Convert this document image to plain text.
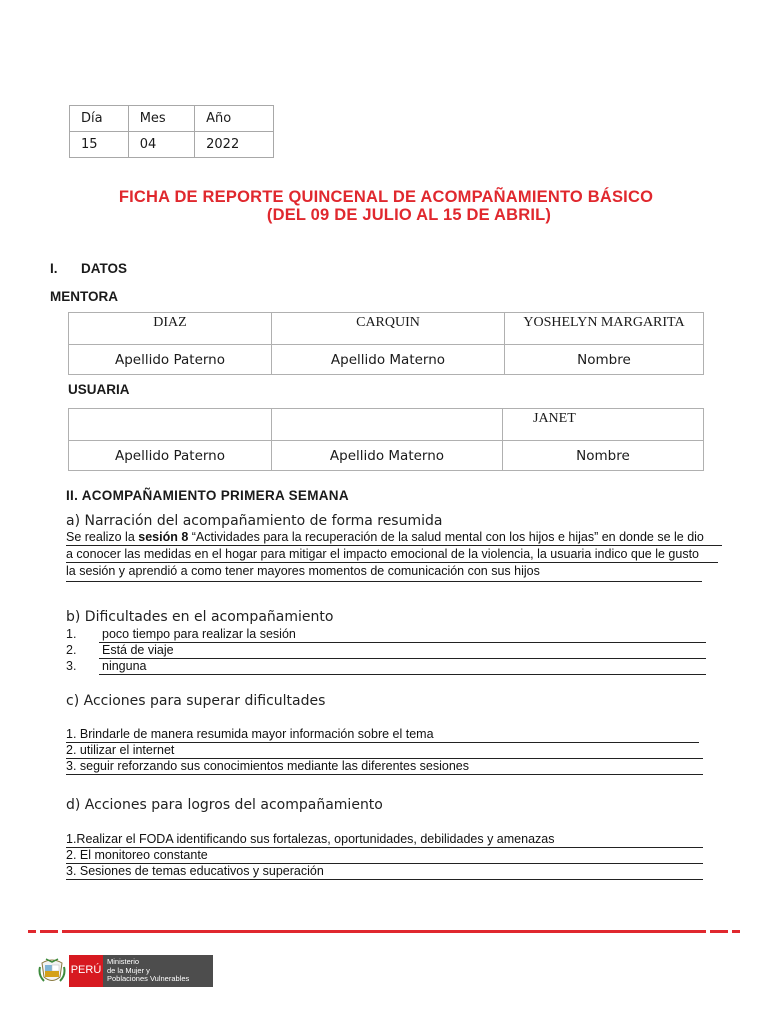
Día	Mes	Año
15	04	2022
FICHA DE REPORTE QUINCENAL DE ACOMPAÑAMIENTO BÁSICO
(DEL 09 DE JULIO AL 15 DE ABRIL)
I. DATOS
MENTORA
DIAZ	CARQUIN	YOSHELYN MARGARITA
Apellido Paterno	Apellido Materno	Nombre
USUARIA
		JANET
Apellido Paterno	Apellido Materno	Nombre
II. ACOMPAÑAMIENTO PRIMERA SEMANA
a) Narración del acompañamiento de forma resumida
Se realizo la sesión 8 “Actividades para la recuperación de la salud mental con los hijos e hijas” en donde se le dio
a conocer las medidas en el hogar para mitigar el impacto emocional de la violencia, la usuaria indico que le gusto
la sesión y aprendió a como tener mayores momentos de comunicación con sus hijos
b) Dificultades en el acompañamiento
1. poco tiempo para realizar la sesión
2. Está de viaje
3. ninguna
c) Acciones para superar dificultades
1. Brindarle de manera resumida mayor información sobre el tema
2. utilizar el internet
3. seguir reforzando sus conocimientos mediante las diferentes sesiones
d) Acciones para logros del acompañamiento
1.Realizar el FODA identificando sus fortalezas, oportunidades, debilidades y amenazas
2. El monitoreo constante
3. Sesiones de temas educativos y superación
PERÚ
Ministerio
de la Mujer y
Poblaciones Vulnerables
